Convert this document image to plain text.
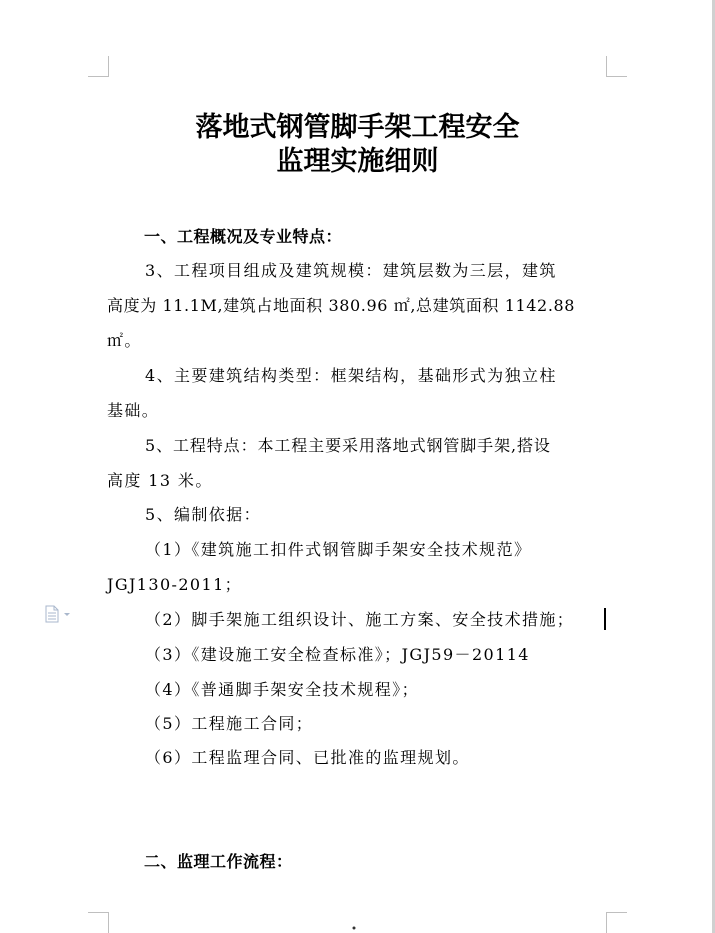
落地式钢管脚手架工程安全
监理实施细则
一、工程概况及专业特点：
3、工程项目组成及建筑规模：建筑层数为三层，建筑
高度为 11.1M,建筑占地面积 380.96 ㎡,总建筑面积 1142.88
㎡。
4、主要建筑结构类型：框架结构，基础形式为独立柱
基础。
5、工程特点：本工程主要采用落地式钢管脚手架,搭设
高度 13 米。
5、编制依据：
（1）《建筑施工扣件式钢管脚手架安全技术规范》
JGJ130-2011；
（2）脚手架施工组织设计、施工方案、安全技术措施；
（3）《建设施工安全检查标准》；JGJ59－20114
（4）《普通脚手架安全技术规程》；
（5）工程施工合同；
（6）工程监理合同、已批准的监理规划。
二、监理工作流程：
